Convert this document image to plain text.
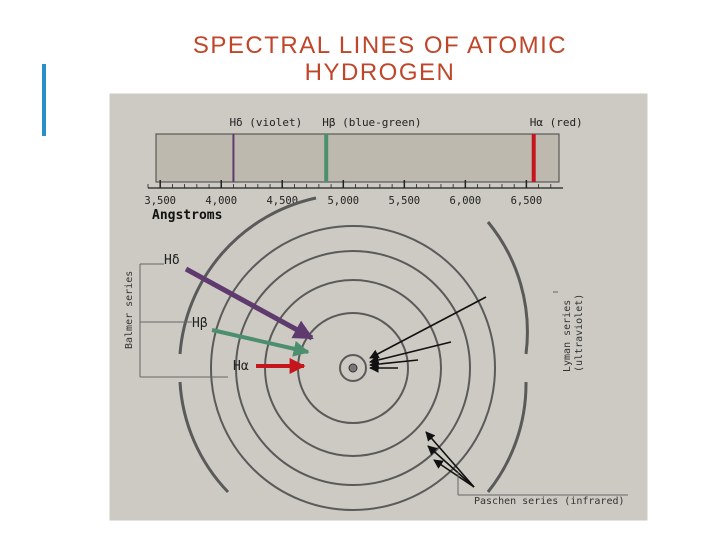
SPECTRAL LINES OF ATOMIC
HYDROGEN
Hδ (violet) Hβ (blue-green)	Hα (red)
3,500	4,000	4,500	5,000	5,500	6,000	6,500
Angstroms
Balmer series
Hδ
Hβ
Hα	Lyman series (ultraviolet)
Paschen series (infrared)
